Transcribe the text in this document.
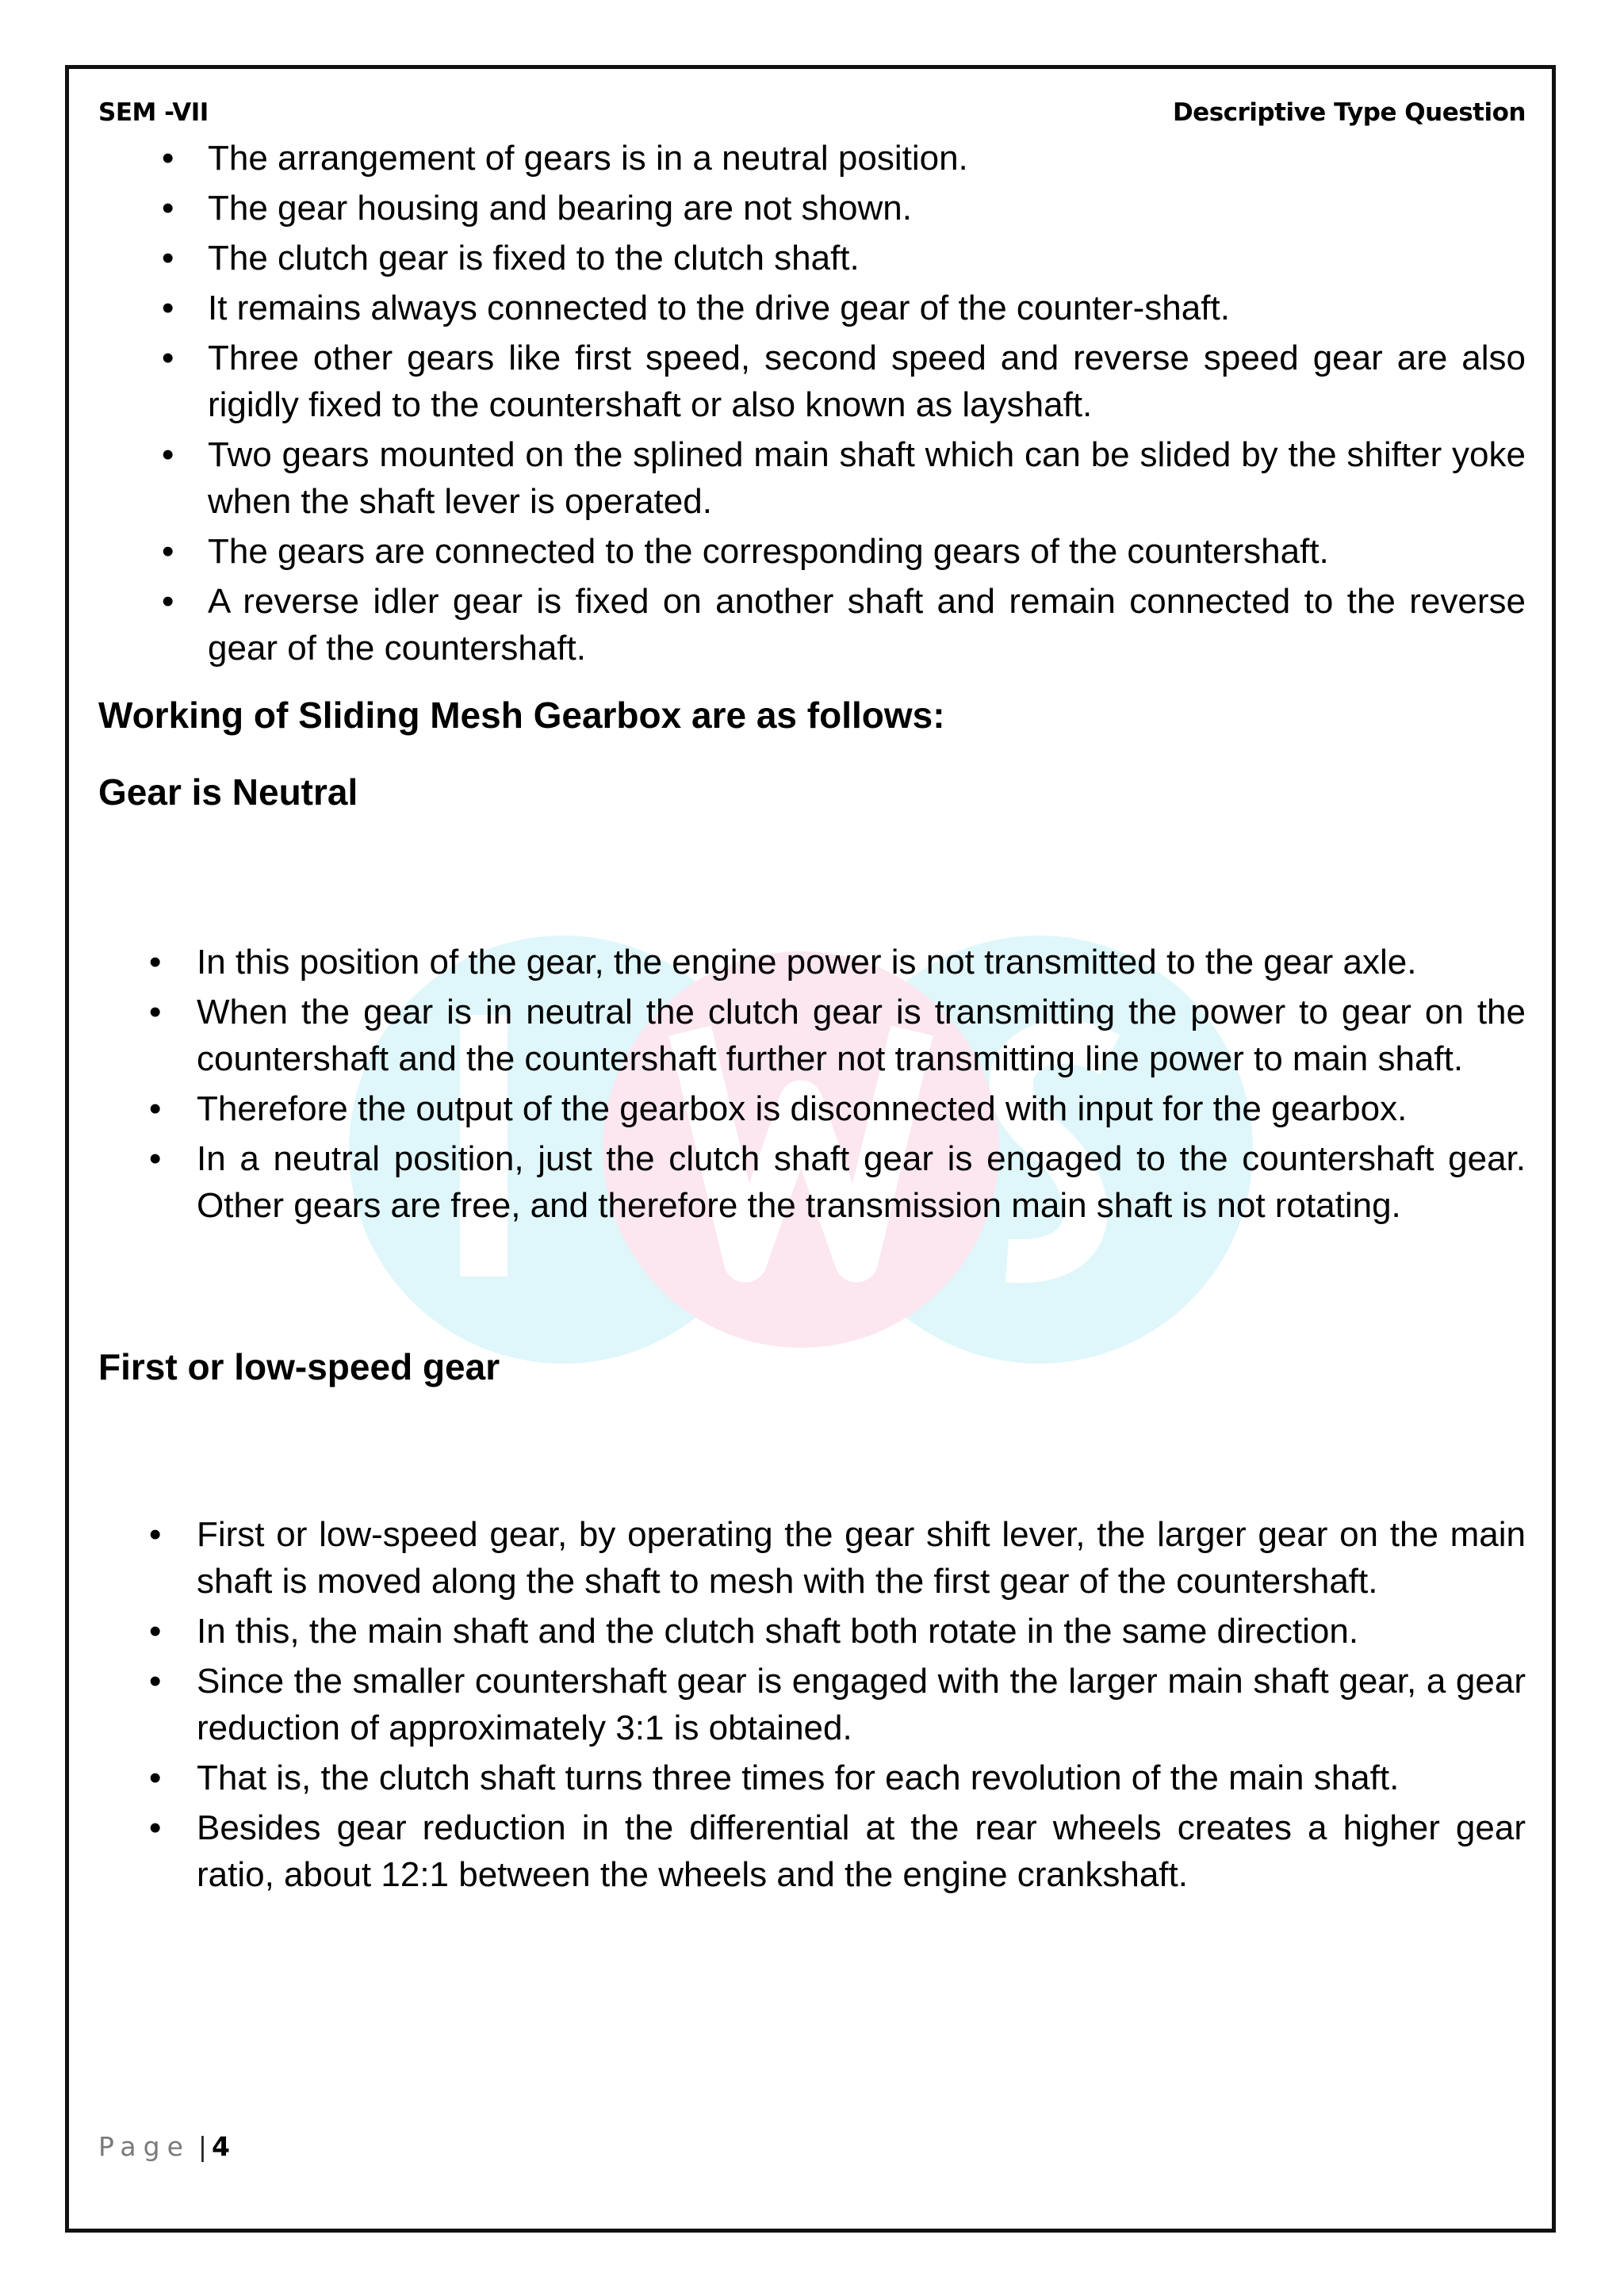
SEM -VII	Descriptive Type Question
• The arrangement of gears is in a neutral position.
• The gear housing and bearing are not shown.
• The clutch gear is fixed to the clutch shaft.
• It remains always connected to the drive gear of the counter-shaft.
• Three other gears like first speed, second speed and reverse speed gear are also rigidly fixed to the countershaft or also known as layshaft.
• Two gears mounted on the splined main shaft which can be slided by the shifter yoke when the shaft lever is operated.
• The gears are connected to the corresponding gears of the countershaft.
• A reverse idler gear is fixed on another shaft and remain connected to the reverse gear of the countershaft.
Working of Sliding Mesh Gearbox are as follows:
Gear is Neutral
• In this position of the gear, the engine power is not transmitted to the gear axle.
• When the gear is in neutral the clutch gear is transmitting the power to gear on the countershaft and the countershaft further not transmitting line power to main shaft.
• Therefore the output of the gearbox is disconnected with input for the gearbox.
• In a neutral position, just the clutch shaft gear is engaged to the countershaft gear. Other gears are free, and therefore the transmission main shaft is not rotating.
First or low-speed gear
• First or low-speed gear, by operating the gear shift lever, the larger gear on the main shaft is moved along the shaft to mesh with the first gear of the countershaft.
• In this, the main shaft and the clutch shaft both rotate in the same direction.
• Since the smaller countershaft gear is engaged with the larger main shaft gear, a gear reduction of approximately 3:1 is obtained.
• That is, the clutch shaft turns three times for each revolution of the main shaft.
• Besides gear reduction in the differential at the rear wheels creates a higher gear ratio, about 12:1 between the wheels and the engine crankshaft.
Page | 4
